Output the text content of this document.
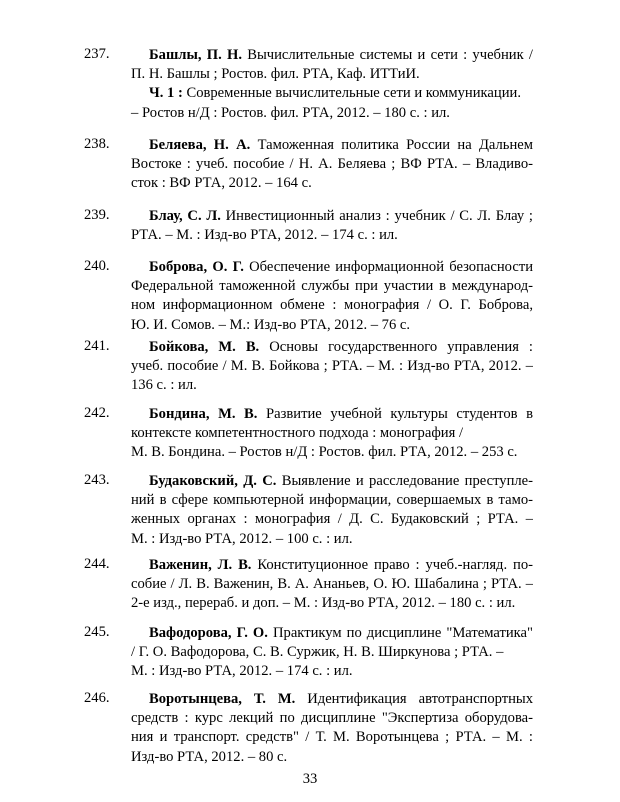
237.	Башлы, П. Н. Вычислительные системы и сети : учебник /
П. Н. Башлы ; Ростов. фил. РТА, Каф. ИТТиИ.
Ч. 1 : Современные вычислительные сети и коммуникации.
– Ростов н/Д : Ростов. фил. РТА, 2012. – 180 с. : ил.
238.	Беляева, Н. А. Таможенная политика России на Дальнем
Востоке : учеб. пособие / Н. А. Беляева ; ВФ РТА. – Владиво-
сток : ВФ РТА, 2012. – 164 с.
239.	Блау, С. Л. Инвестиционный анализ : учебник / С. Л. Блау ;
РТА. – М. : Изд-во РТА, 2012. – 174 с. : ил.
240.	Боброва, О. Г. Обеспечение информационной безопасности
Федеральной таможенной службы при участии в международ-
ном информационном обмене : монография / О. Г. Боброва,
Ю. И. Сомов. – М.: Изд-во РТА, 2012. – 76 с.
241.	Бойкова, М. В. Основы государственного управления :
учеб. пособие / М. В. Бойкова ; РТА. – М. : Изд-во РТА, 2012. –
136 с. : ил.
242.	Бондина, М. В. Развитие учебной культуры студентов в
контексте компетентностного подхода : монография /
М. В. Бондина. – Ростов н/Д : Ростов. фил. РТА, 2012. – 253 с.
243.	Будаковский, Д. С. Выявление и расследование преступле-
ний в сфере компьютерной информации, совершаемых в тамо-
женных органах : монография / Д. С. Будаковский ; РТА. –
М. : Изд-во РТА, 2012. – 100 с. : ил.
244.	Важенин, Л. В. Конституционное право : учеб.-нагляд. по-
собие / Л. В. Важенин, В. А. Ананьев, О. Ю. Шабалина ; РТА. –
2-е изд., перераб. и доп. – М. : Изд-во РТА, 2012. – 180 с. : ил.
245.	Вафодорова, Г. О. Практикум по дисциплине "Математика"
/ Г. О. Вафодорова, С. В. Суржик, Н. В. Ширкунова ; РТА. –
М. : Изд-во РТА, 2012. – 174 с. : ил.
246.	Воротынцева, Т. М. Идентификация автотранспортных
средств : курс лекций по дисциплине "Экспертиза оборудова-
ния и транспорт. средств" / Т. М. Воротынцева ; РТА. – М. :
Изд-во РТА, 2012. – 80 с.
33
